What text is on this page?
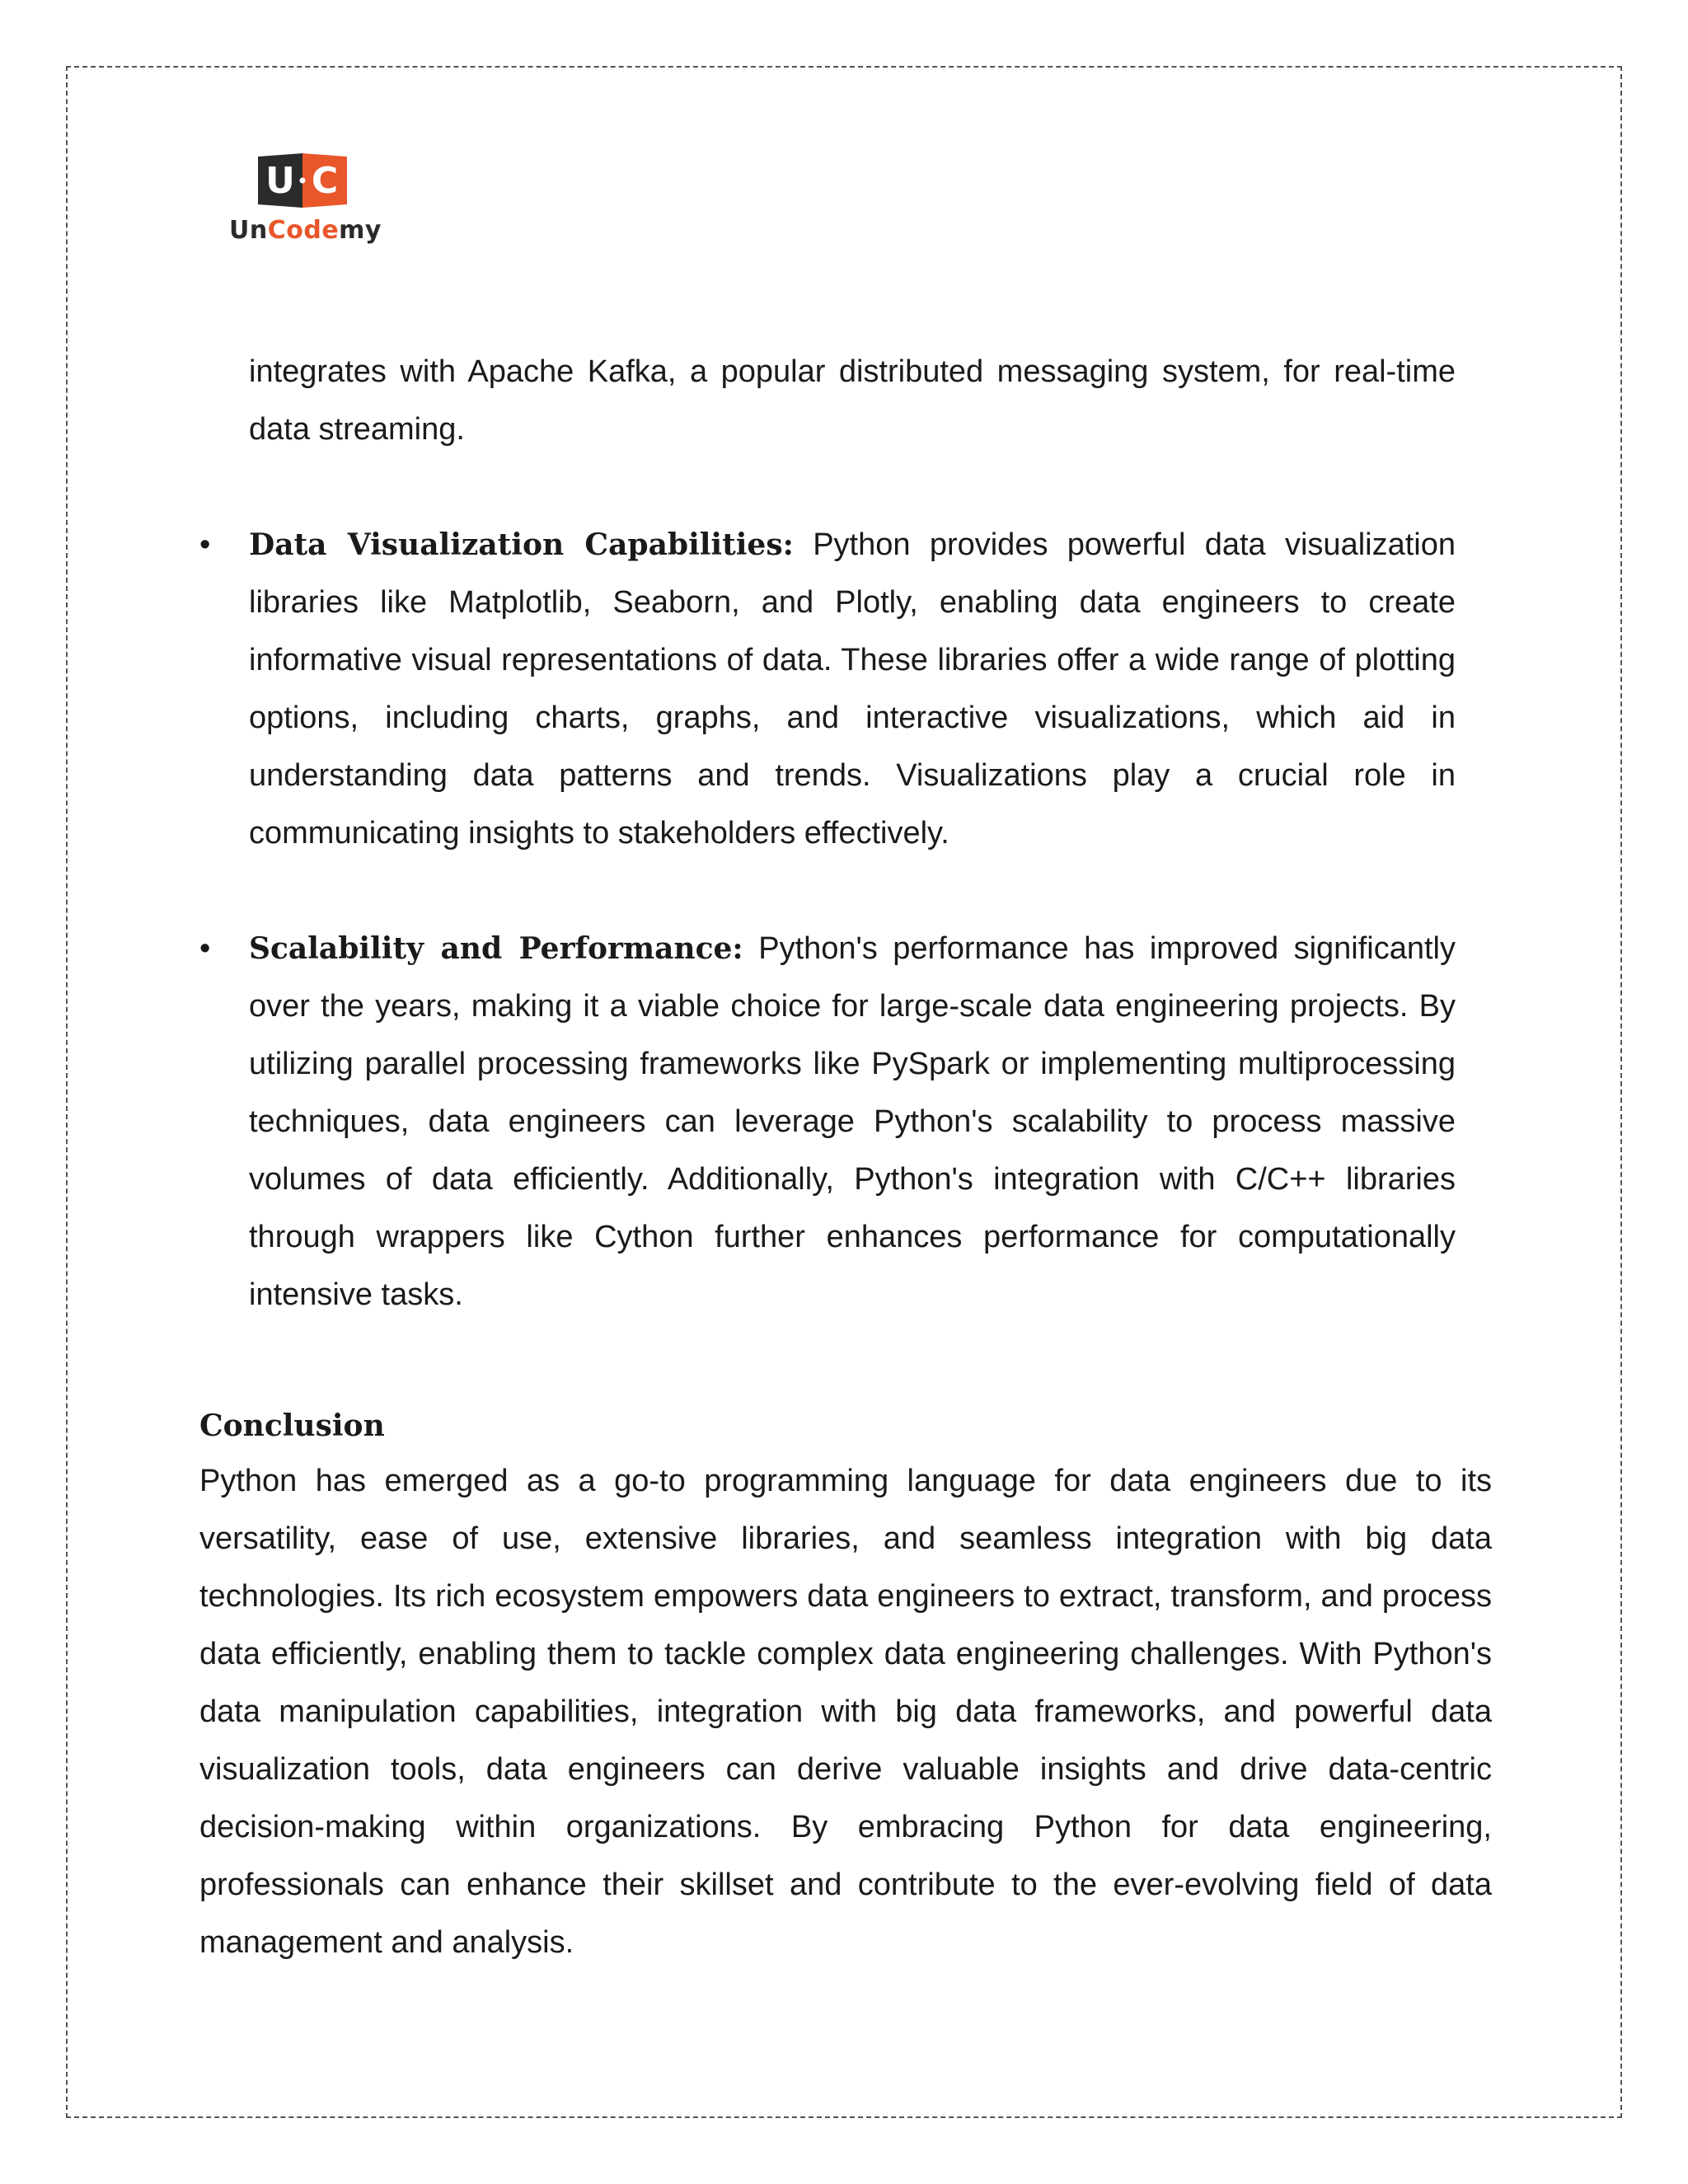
U C
UnCodemy

integrates with Apache Kafka, a popular distributed messaging system, for real-time data streaming.

• Data Visualization Capabilities: Python provides powerful data visualization libraries like Matplotlib, Seaborn, and Plotly, enabling data engineers to create informative visual representations of data. These libraries offer a wide range of plotting options, including charts, graphs, and interactive visualizations, which aid in understanding data patterns and trends. Visualizations play a crucial role in communicating insights to stakeholders effectively.

• Scalability and Performance: Python's performance has improved significantly over the years, making it a viable choice for large-scale data engineering projects. By utilizing parallel processing frameworks like PySpark or implementing multiprocessing techniques, data engineers can leverage Python's scalability to process massive volumes of data efficiently. Additionally, Python's integration with C/C++ libraries through wrappers like Cython further enhances performance for computationally intensive tasks.

Conclusion

Python has emerged as a go-to programming language for data engineers due to its versatility, ease of use, extensive libraries, and seamless integration with big data technologies. Its rich ecosystem empowers data engineers to extract, transform, and process data efficiently, enabling them to tackle complex data engineering challenges. With Python's data manipulation capabilities, integration with big data frameworks, and powerful data visualization tools, data engineers can derive valuable insights and drive data-centric decision-making within organizations. By embracing Python for data engineering, professionals can enhance their skillset and contribute to the ever-evolving field of data management and analysis.
